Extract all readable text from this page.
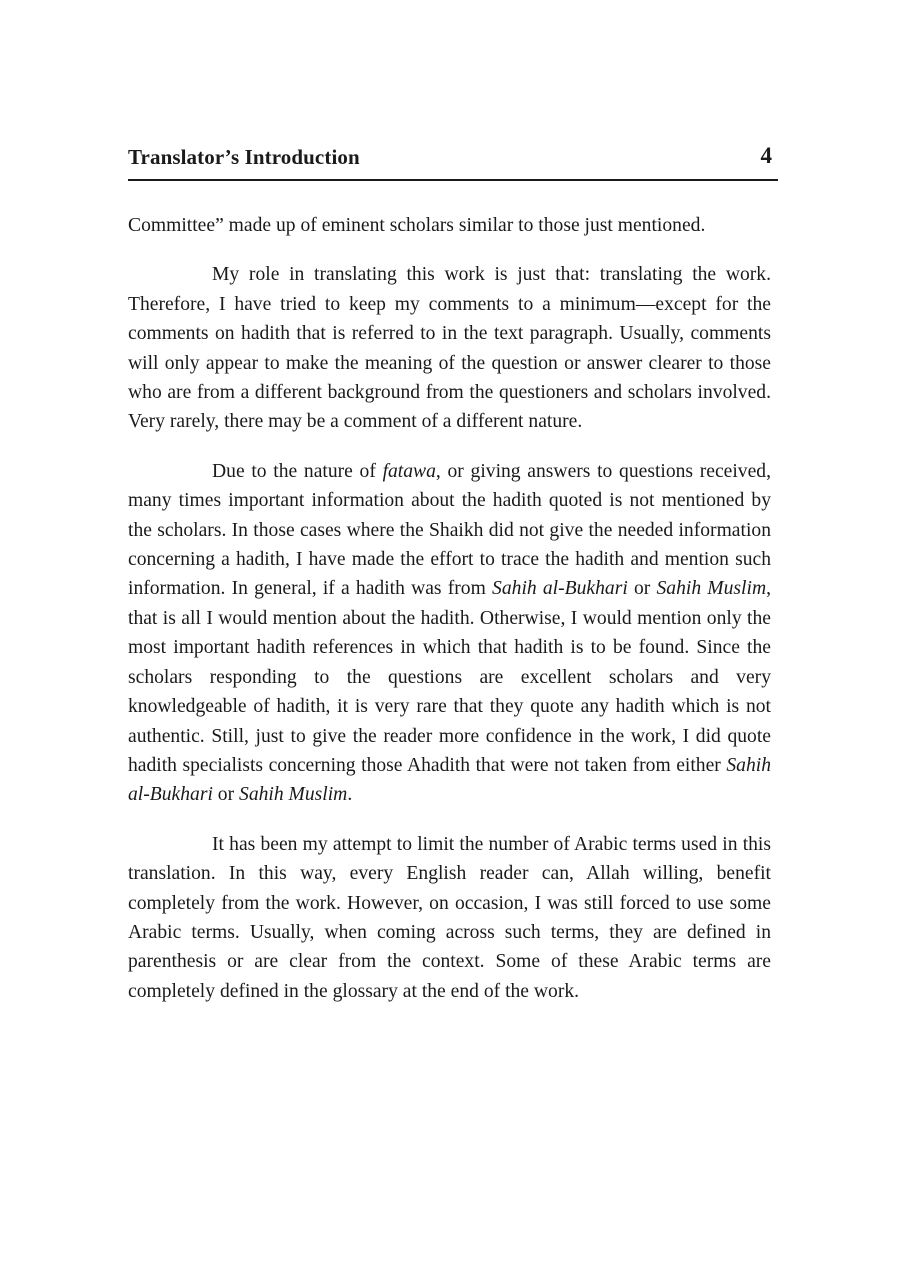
Translator’s Introduction	4

Committee” made up of eminent scholars similar to those just mentioned.

My role in translating this work is just that: translating the work. Therefore, I have tried to keep my comments to a minimum—except for the comments on hadith that is referred to in the text paragraph. Usually, comments will only appear to make the meaning of the question or answer clearer to those who are from a different background from the questioners and scholars involved. Very rarely, there may be a comment of a different nature.

Due to the nature of fatawa, or giving answers to questions received, many times important information about the hadith quoted is not mentioned by the scholars. In those cases where the Shaikh did not give the needed information concerning a hadith, I have made the effort to trace the hadith and mention such information. In general, if a hadith was from Sahih al-Bukhari or Sahih Muslim, that is all I would mention about the hadith. Otherwise, I would mention only the most important hadith references in which that hadith is to be found. Since the scholars responding to the questions are excellent scholars and very knowledgeable of hadith, it is very rare that they quote any hadith which is not authentic. Still, just to give the reader more confidence in the work, I did quote hadith specialists concerning those Ahadith that were not taken from either Sahih al-Bukhari or Sahih Muslim.

It has been my attempt to limit the number of Arabic terms used in this translation. In this way, every English reader can, Allah willing, benefit completely from the work. However, on occasion, I was still forced to use some Arabic terms. Usually, when coming across such terms, they are defined in parenthesis or are clear from the context. Some of these Arabic terms are completely defined in the glossary at the end of the work.
